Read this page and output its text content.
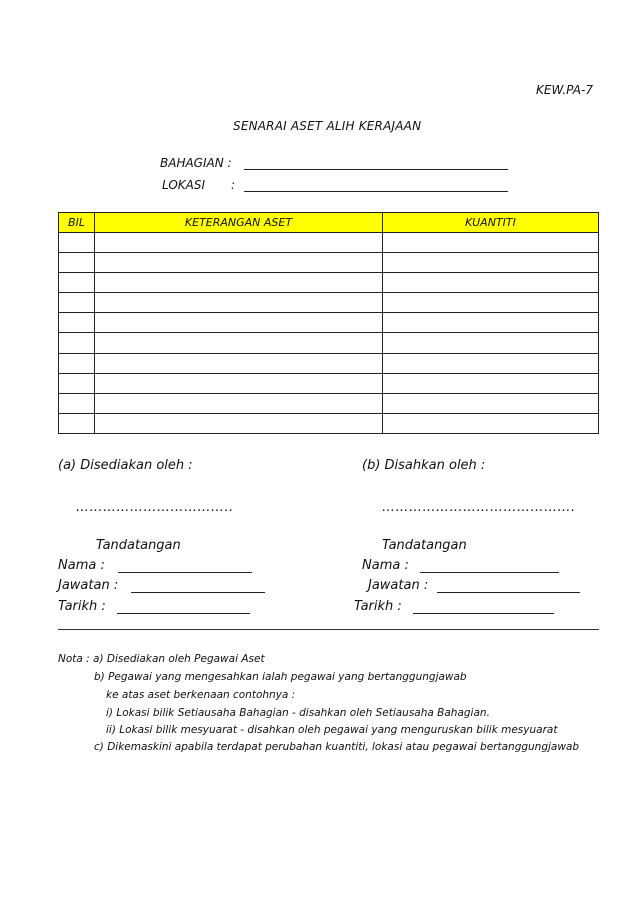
KEW.PA-7
SENARAI ASET ALIH KERAJAAN
BAHAGIAN :
LOKASI :
BIL	KETERANGAN ASET	KUANTITI

(a) Disediakan oleh :
……………………………..
Tandatangan
Nama :
Jawatan :
Tarikh :
(b) Disahkan oleh :
…………………………………….
Tandatangan
Nama :
Jawatan :
Tarikh :
Nota : a) Disediakan oleh Pegawai Aset
b) Pegawai yang mengesahkan ialah pegawai yang bertanggungjawab
ke atas aset berkenaan contohnya :
i) Lokasi bilik Setiausaha Bahagian - disahkan oleh Setiausaha Bahagian.
ii) Lokasi bilik mesyuarat - disahkan oleh pegawai yang menguruskan bilik mesyuarat
c) Dikemaskini apabila terdapat perubahan kuantiti, lokasi atau pegawai bertanggungjawab
